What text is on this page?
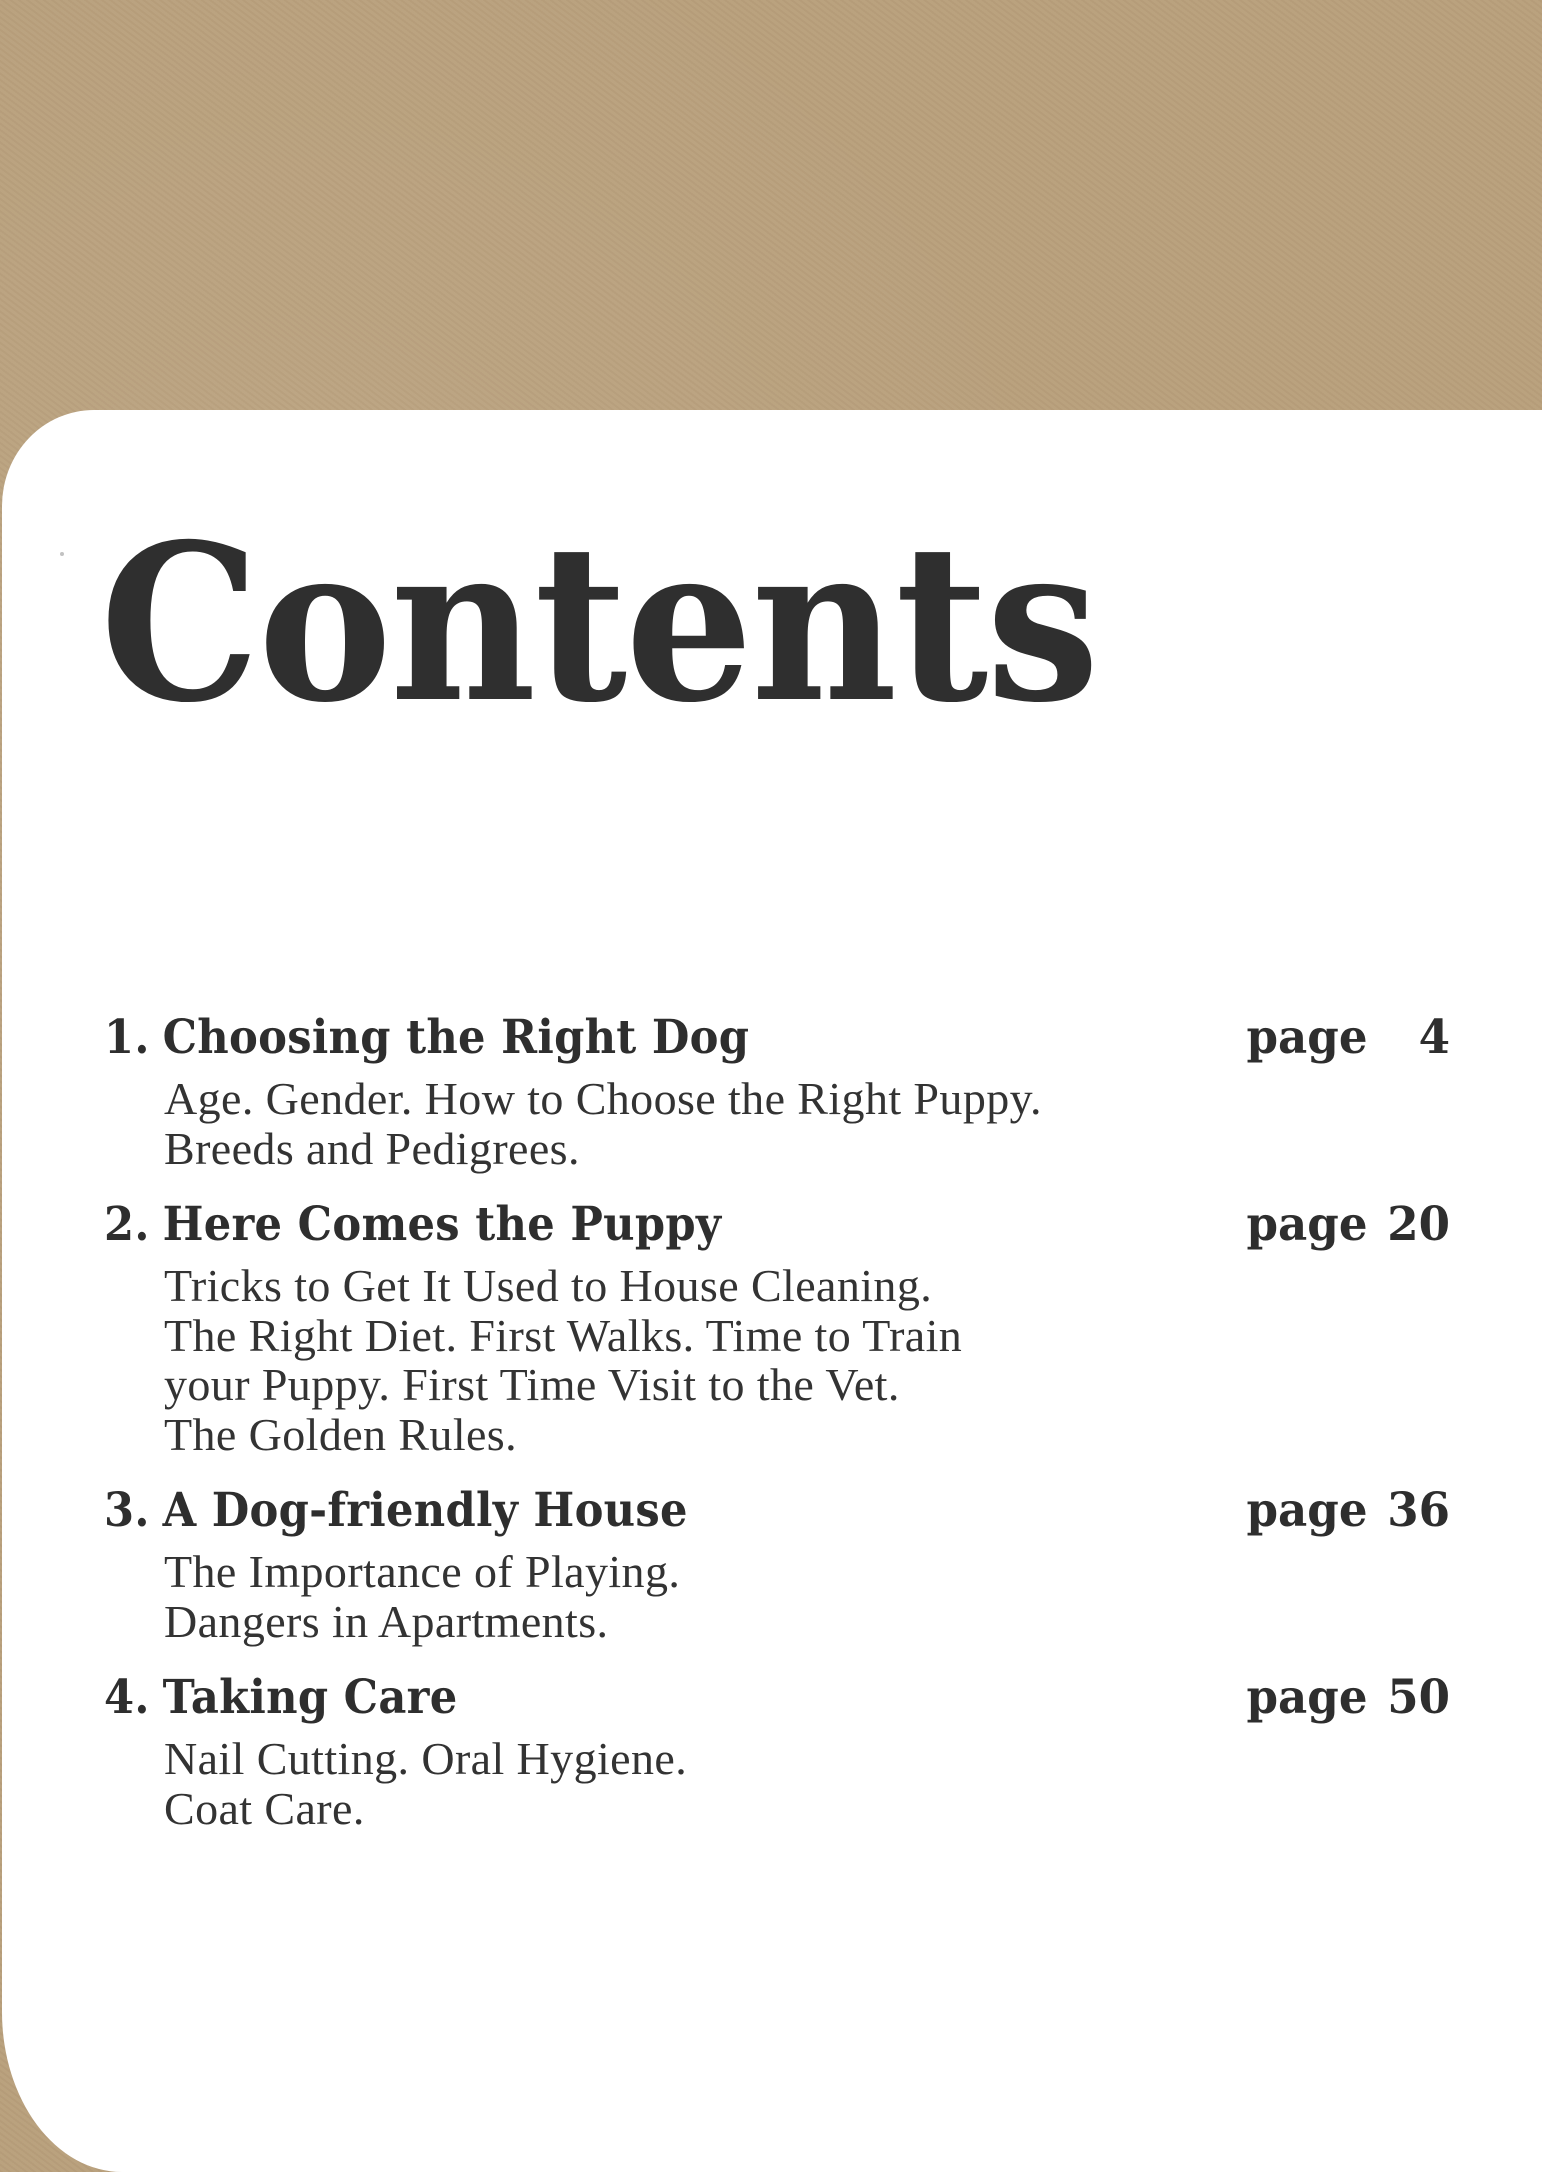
Contents
1. Choosing the Right Dog	page 4
Age. Gender. How to Choose the Right Puppy.
Breeds and Pedigrees.
2. Here Comes the Puppy	page 20
Tricks to Get It Used to House Cleaning.
The Right Diet. First Walks. Time to Train
your Puppy. First Time Visit to the Vet.
The Golden Rules.
3. A Dog-friendly House	page 36
The Importance of Playing.
Dangers in Apartments.
4. Taking Care	page 50
Nail Cutting. Oral Hygiene.
Coat Care.
